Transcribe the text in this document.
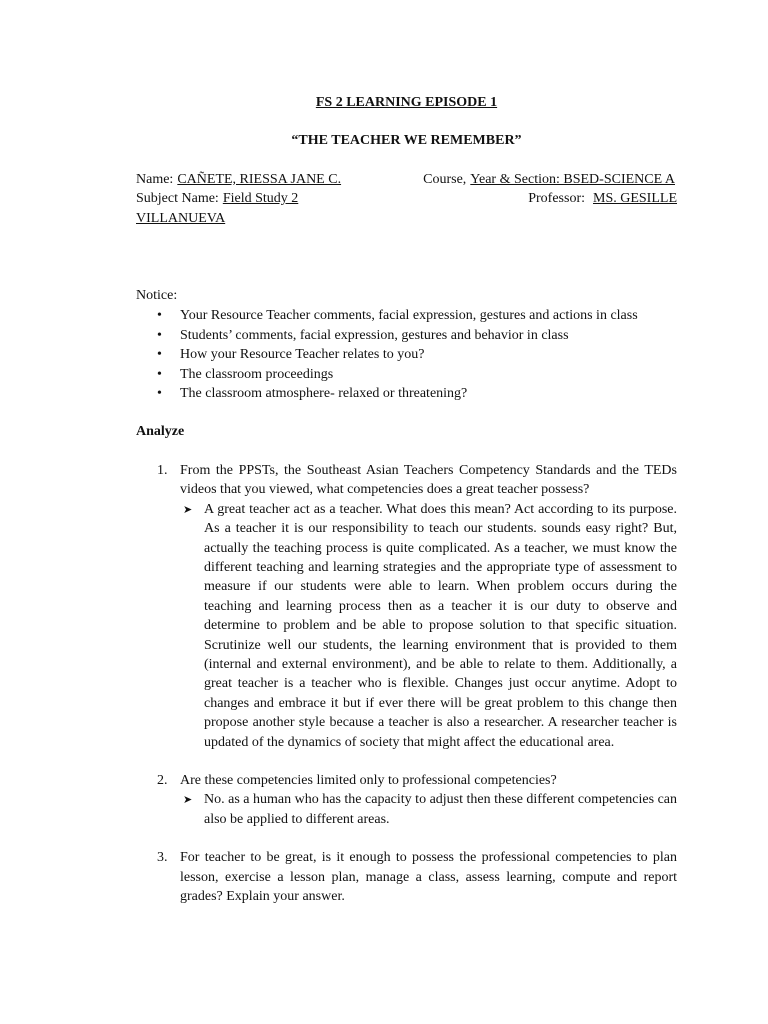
FS 2 LEARNING EPISODE 1
“THE TEACHER WE REMEMBER”
Name: CAÑETE, RIESSA JANE C.	Course, Year & Section: BSED-SCIENCE A
Subject Name: Field Study 2	Professor: MS. GESILLE
VILLANUEVA
Notice:
• Your Resource Teacher comments, facial expression, gestures and actions in class
• Students’ comments, facial expression, gestures and behavior in class
• How your Resource Teacher relates to you?
• The classroom proceedings
• The classroom atmosphere- relaxed or threatening?
Analyze
1. From the PPSTs, the Southeast Asian Teachers Competency Standards and the TEDs videos that you viewed, what competencies does a great teacher possess?
➤ A great teacher act as a teacher. What does this mean? Act according to its purpose. As a teacher it is our responsibility to teach our students. sounds easy right? But, actually the teaching process is quite complicated. As a teacher, we must know the different teaching and learning strategies and the appropriate type of assessment to measure if our students were able to learn. When problem occurs during the teaching and learning process then as a teacher it is our duty to observe and determine to problem and be able to propose solution to that specific situation. Scrutinize well our students, the learning environment that is provided to them (internal and external environment), and be able to relate to them. Additionally, a great teacher is a teacher who is flexible. Changes just occur anytime. Adopt to changes and embrace it but if ever there will be great problem to this change then propose another style because a teacher is also a researcher. A researcher teacher is updated of the dynamics of society that might affect the educational area.
2. Are these competencies limited only to professional competencies?
➤ No. as a human who has the capacity to adjust then these different competencies can also be applied to different areas.
3. For teacher to be great, is it enough to possess the professional competencies to plan lesson, exercise a lesson plan, manage a class, assess learning, compute and report grades? Explain your answer.
